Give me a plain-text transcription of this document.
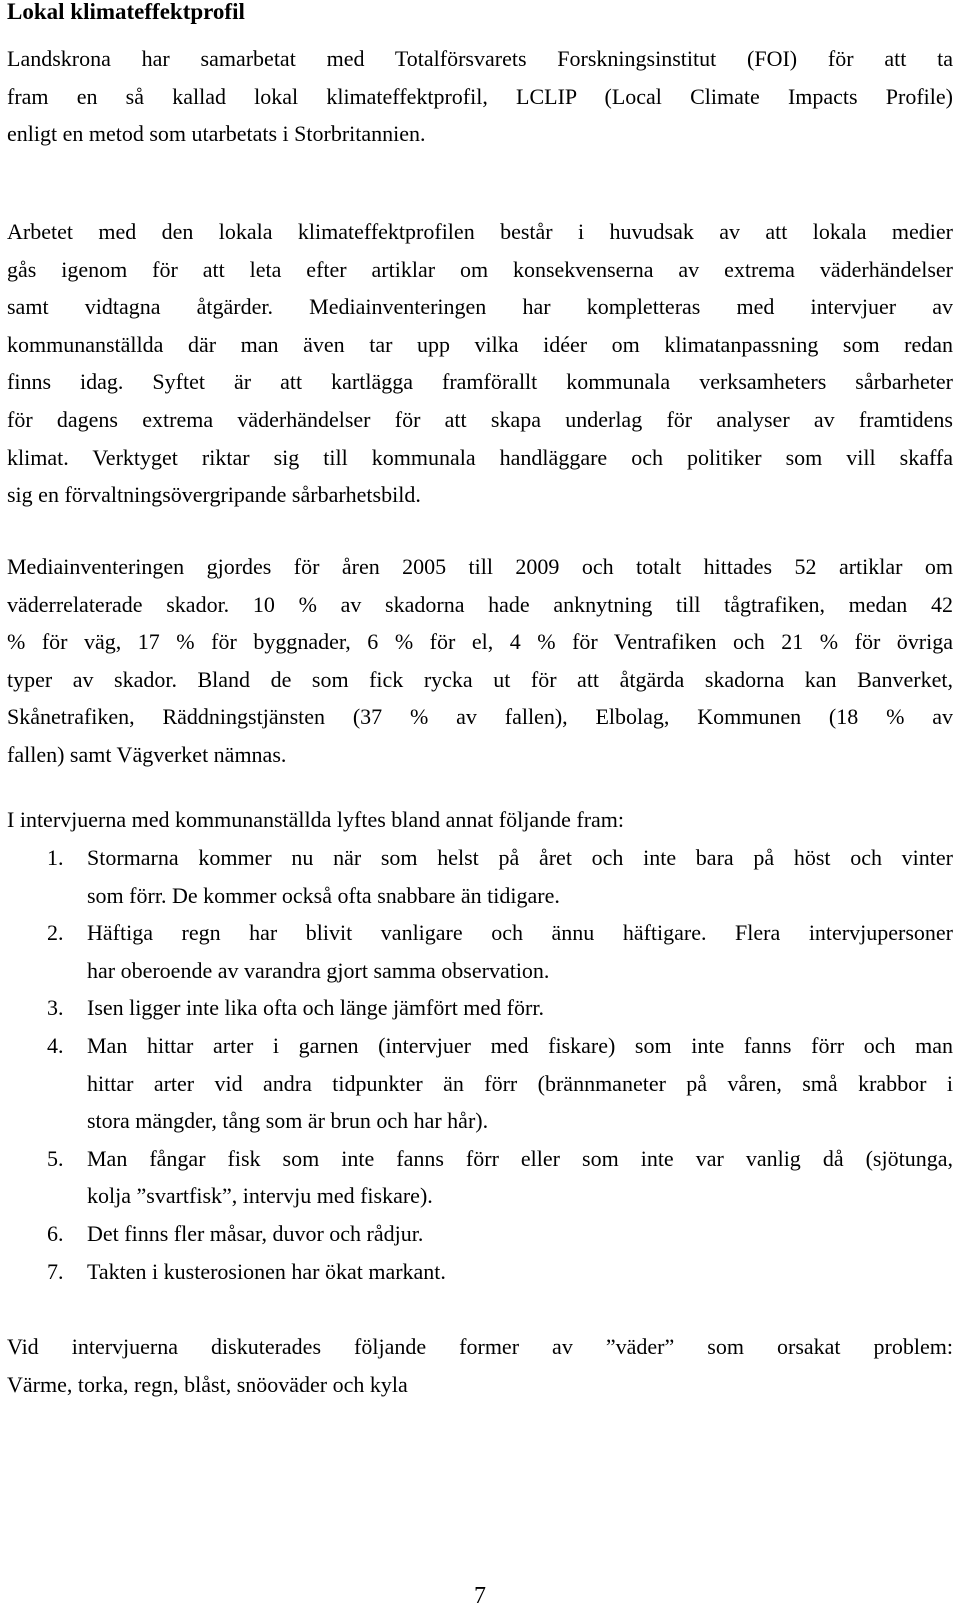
Lokal klimateffektprofil
Landskrona har samarbetat med Totalförsvarets Forskningsinstitut (FOI) för att ta
fram en så kallad lokal klimateffektprofil, LCLIP (Local Climate Impacts Profile)
enligt en metod som utarbetats i Storbritannien.
Arbetet med den lokala klimateffektprofilen består i huvudsak av att lokala medier
gås igenom för att leta efter artiklar om konsekvenserna av extrema väderhändelser
samt vidtagna åtgärder. Mediainventeringen har kompletteras med intervjuer av
kommunanställda där man även tar upp vilka idéer om klimatanpassning som redan
finns idag. Syftet är att kartlägga framförallt kommunala verksamheters sårbarheter
för dagens extrema väderhändelser för att skapa underlag för analyser av framtidens
klimat. Verktyget riktar sig till kommunala handläggare och politiker som vill skaffa
sig en förvaltningsövergripande sårbarhetsbild.
Mediainventeringen gjordes för åren 2005 till 2009 och totalt hittades 52 artiklar om
väderrelaterade skador. 10 % av skadorna hade anknytning till tågtrafiken, medan 42
% för väg, 17 % för byggnader, 6 % för el, 4 % för Ventrafiken och 21 % för övriga
typer av skador. Bland de som fick rycka ut för att åtgärda skadorna kan Banverket,
Skånetrafiken, Räddningstjänsten (37 % av fallen), Elbolag, Kommunen (18 % av
fallen) samt Vägverket nämnas.
I intervjuerna med kommunanställda lyftes bland annat följande fram:
1. Stormarna kommer nu när som helst på året och inte bara på höst och vinter
som förr. De kommer också ofta snabbare än tidigare.
2. Häftiga regn har blivit vanligare och ännu häftigare. Flera intervjupersoner
har oberoende av varandra gjort samma observation.
3. Isen ligger inte lika ofta och länge jämfört med förr.
4. Man hittar arter i garnen (intervjuer med fiskare) som inte fanns förr och man
hittar arter vid andra tidpunkter än förr (brännmaneter på våren, små krabbor i
stora mängder, tång som är brun och har hår).
5. Man fångar fisk som inte fanns förr eller som inte var vanlig då (sjötunga,
kolja ”svartfisk”, intervju med fiskare).
6. Det finns fler måsar, duvor och rådjur.
7. Takten i kusterosionen har ökat markant.
Vid intervjuerna diskuterades följande former av ”väder” som orsakat problem:
Värme, torka, regn, blåst, snöoväder och kyla
7
